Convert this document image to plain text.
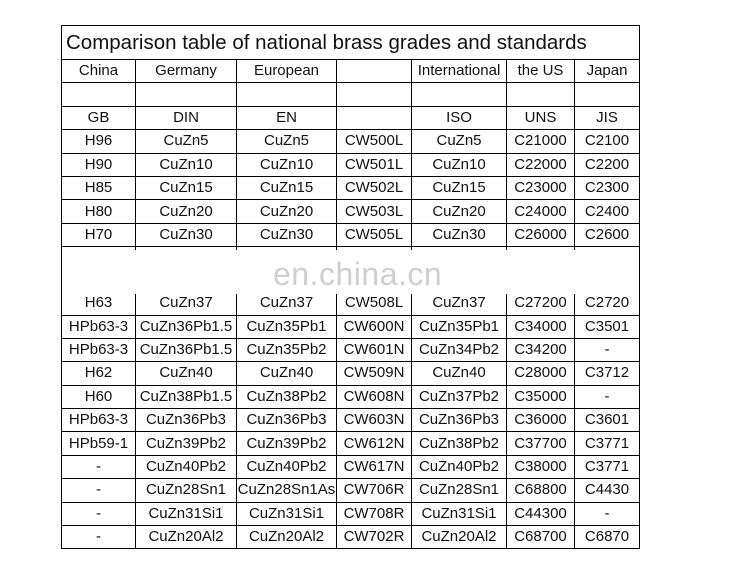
Comparison table of national brass grades and standards						
China	Germany	European		International	the US	Japan

GB	DIN	EN		ISO	UNS	JIS
H96	CuZn5	CuZn5	CW500L	CuZn5	C21000	C2100
H90	CuZn10	CuZn10	CW501L	CuZn10	C22000	C2200
H85	CuZn15	CuZn15	CW502L	CuZn15	C23000	C2300
H80	CuZn20	CuZn20	CW503L	CuZn20	C24000	C2400
H70	CuZn30	CuZn30	CW505L	CuZn30	C26000	C2600

H63	CuZn37	CuZn37	CW508L	CuZn37	C27200	C2720
HPb63-3	CuZn36Pb1.5	CuZn35Pb1	CW600N	CuZn35Pb1	C34000	C3501
HPb63-3	CuZn36Pb1.5	CuZn35Pb2	CW601N	CuZn34Pb2	C34200	-
H62	CuZn40	CuZn40	CW509N	CuZn40	C28000	C3712
H60	CuZn38Pb1.5	CuZn38Pb2	CW608N	CuZn37Pb2	C35000	-
HPb63-3	CuZn36Pb3	CuZn36Pb3	CW603N	CuZn36Pb3	C36000	C3601
HPb59-1	CuZn39Pb2	CuZn39Pb2	CW612N	CuZn38Pb2	C37700	C3771
-	CuZn40Pb2	CuZn40Pb2	CW617N	CuZn40Pb2	C38000	C3771
-	CuZn28Sn1	CuZn28Sn1As	CW706R	CuZn28Sn1	C68800	C4430
-	CuZn31Si1	CuZn31Si1	CW708R	CuZn31Si1	C44300	-
-	CuZn20Al2	CuZn20Al2	CW702R	CuZn20Al2	C68700	C6870
en.china.cn
